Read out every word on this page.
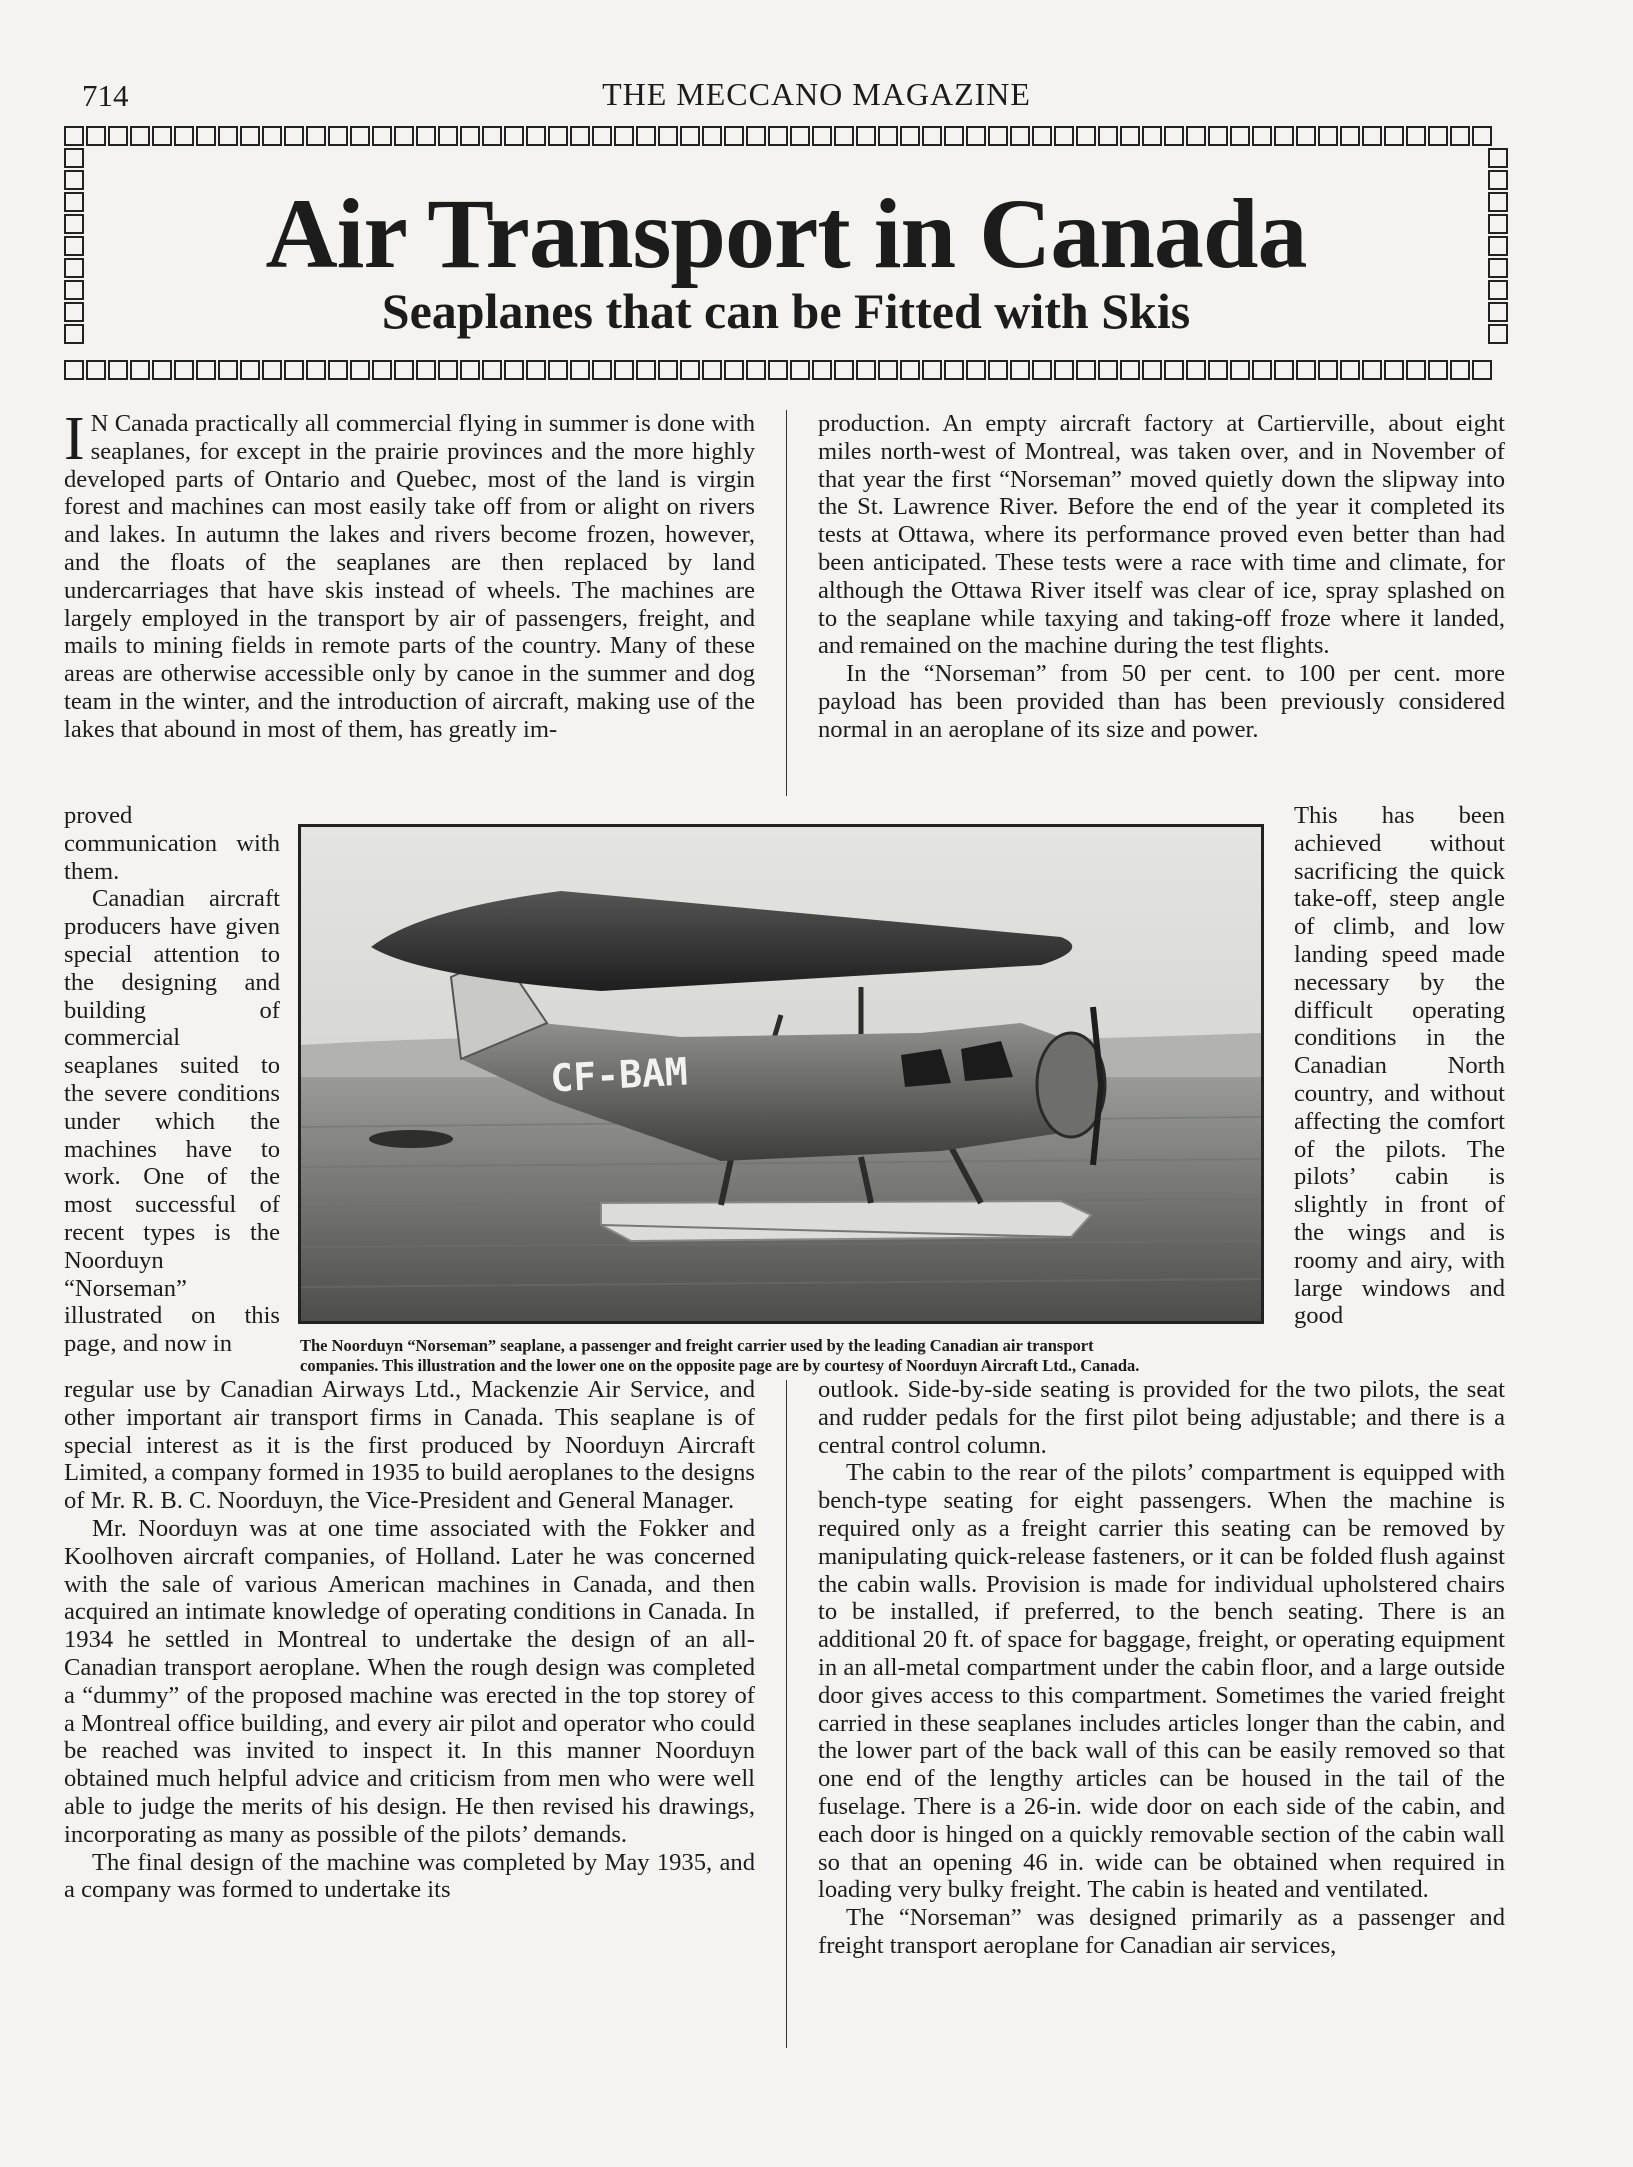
714	THE MECCANO MAGAZINE
Air Transport in Canada
Seaplanes that can be Fitted with Skis

I N Canada practically all commercial flying in summer is done with seaplanes, for except in the prairie provinces and the more highly developed parts of Ontario and Quebec, most of the land is virgin forest and machines can most easily take off from or alight on rivers and lakes. In autumn the lakes and rivers become frozen, however, and the floats of the seaplanes are then replaced by land undercarriages that have skis instead of wheels. The machines are largely employed in the transport by air of passengers, freight, and mails to mining fields in remote parts of the country. Many of these areas are otherwise accessible only by canoe in the summer and dog team in the winter, and the introduction of aircraft, making use of the lakes that abound in most of them, has greatly im-

production. An empty aircraft factory at Cartierville, about eight miles north-west of Montreal, was taken over, and in November of that year the first “Norseman” moved quietly down the slipway into the St. Lawrence River. Before the end of the year it completed its tests at Ottawa, where its performance proved even better than had been anticipated. These tests were a race with time and climate, for although the Ottawa River itself was clear of ice, spray splashed on to the seaplane while taxying and taking-off froze where it landed, and remained on the machine during the test flights.

In the “Norseman” from 50 per cent. to 100 per cent. more payload has been provided than has been previously considered normal in an aeroplane of its size and power.

proved communication with them.

Canadian aircraft producers have given special attention to the designing and building of commercial seaplanes suited to the severe conditions under which the machines have to work. One of the most successful of recent types is the Noorduyn “Norseman” illustrated on this page, and now in

This has been achieved without sacrificing the quick take-off, steep angle of climb, and low landing speed made necessary by the difficult operating conditions in the Canadian North country, and without affecting the comfort of the pilots. The pilots’ cabin is slightly in front of the wings and is roomy and airy, with large windows and good

CF-BAM
The Noorduyn “Norseman” seaplane, a passenger and freight carrier used by the leading Canadian air transport
companies. This illustration and the lower one on the opposite page are by courtesy of Noorduyn Aircraft Ltd., Canada.

regular use by Canadian Airways Ltd., Mackenzie Air Service, and other important air transport firms in Canada. This seaplane is of special interest as it is the first produced by Noorduyn Aircraft Limited, a company formed in 1935 to build aeroplanes to the designs of Mr. R. B. C. Noorduyn, the Vice-President and General Manager.

Mr. Noorduyn was at one time associated with the Fokker and Koolhoven aircraft companies, of Holland. Later he was concerned with the sale of various American machines in Canada, and then acquired an intimate knowledge of operating conditions in Canada. In 1934 he settled in Montreal to undertake the design of an all-Canadian transport aeroplane. When the rough design was completed a “dummy” of the proposed machine was erected in the top storey of a Montreal office building, and every air pilot and operator who could be reached was invited to inspect it. In this manner Noorduyn obtained much helpful advice and criticism from men who were well able to judge the merits of his design. He then revised his drawings, incorporating as many as possible of the pilots’ demands.

The final design of the machine was completed by May 1935, and a company was formed to undertake its

outlook. Side-by-side seating is provided for the two pilots, the seat and rudder pedals for the first pilot being adjustable; and there is a central control column.

The cabin to the rear of the pilots’ compartment is equipped with bench-type seating for eight passengers. When the machine is required only as a freight carrier this seating can be removed by manipulating quick-release fasteners, or it can be folded flush against the cabin walls. Provision is made for individual upholstered chairs to be installed, if preferred, to the bench seating. There is an additional 20 ft. of space for baggage, freight, or operating equipment in an all-metal compartment under the cabin floor, and a large outside door gives access to this compartment. Sometimes the varied freight carried in these seaplanes includes articles longer than the cabin, and the lower part of the back wall of this can be easily removed so that one end of the lengthy articles can be housed in the tail of the fuselage. There is a 26-in. wide door on each side of the cabin, and each door is hinged on a quickly removable section of the cabin wall so that an opening 46 in. wide can be obtained when required in loading very bulky freight. The cabin is heated and ventilated.

The “Norseman” was designed primarily as a passenger and freight transport aeroplane for Canadian air services,
